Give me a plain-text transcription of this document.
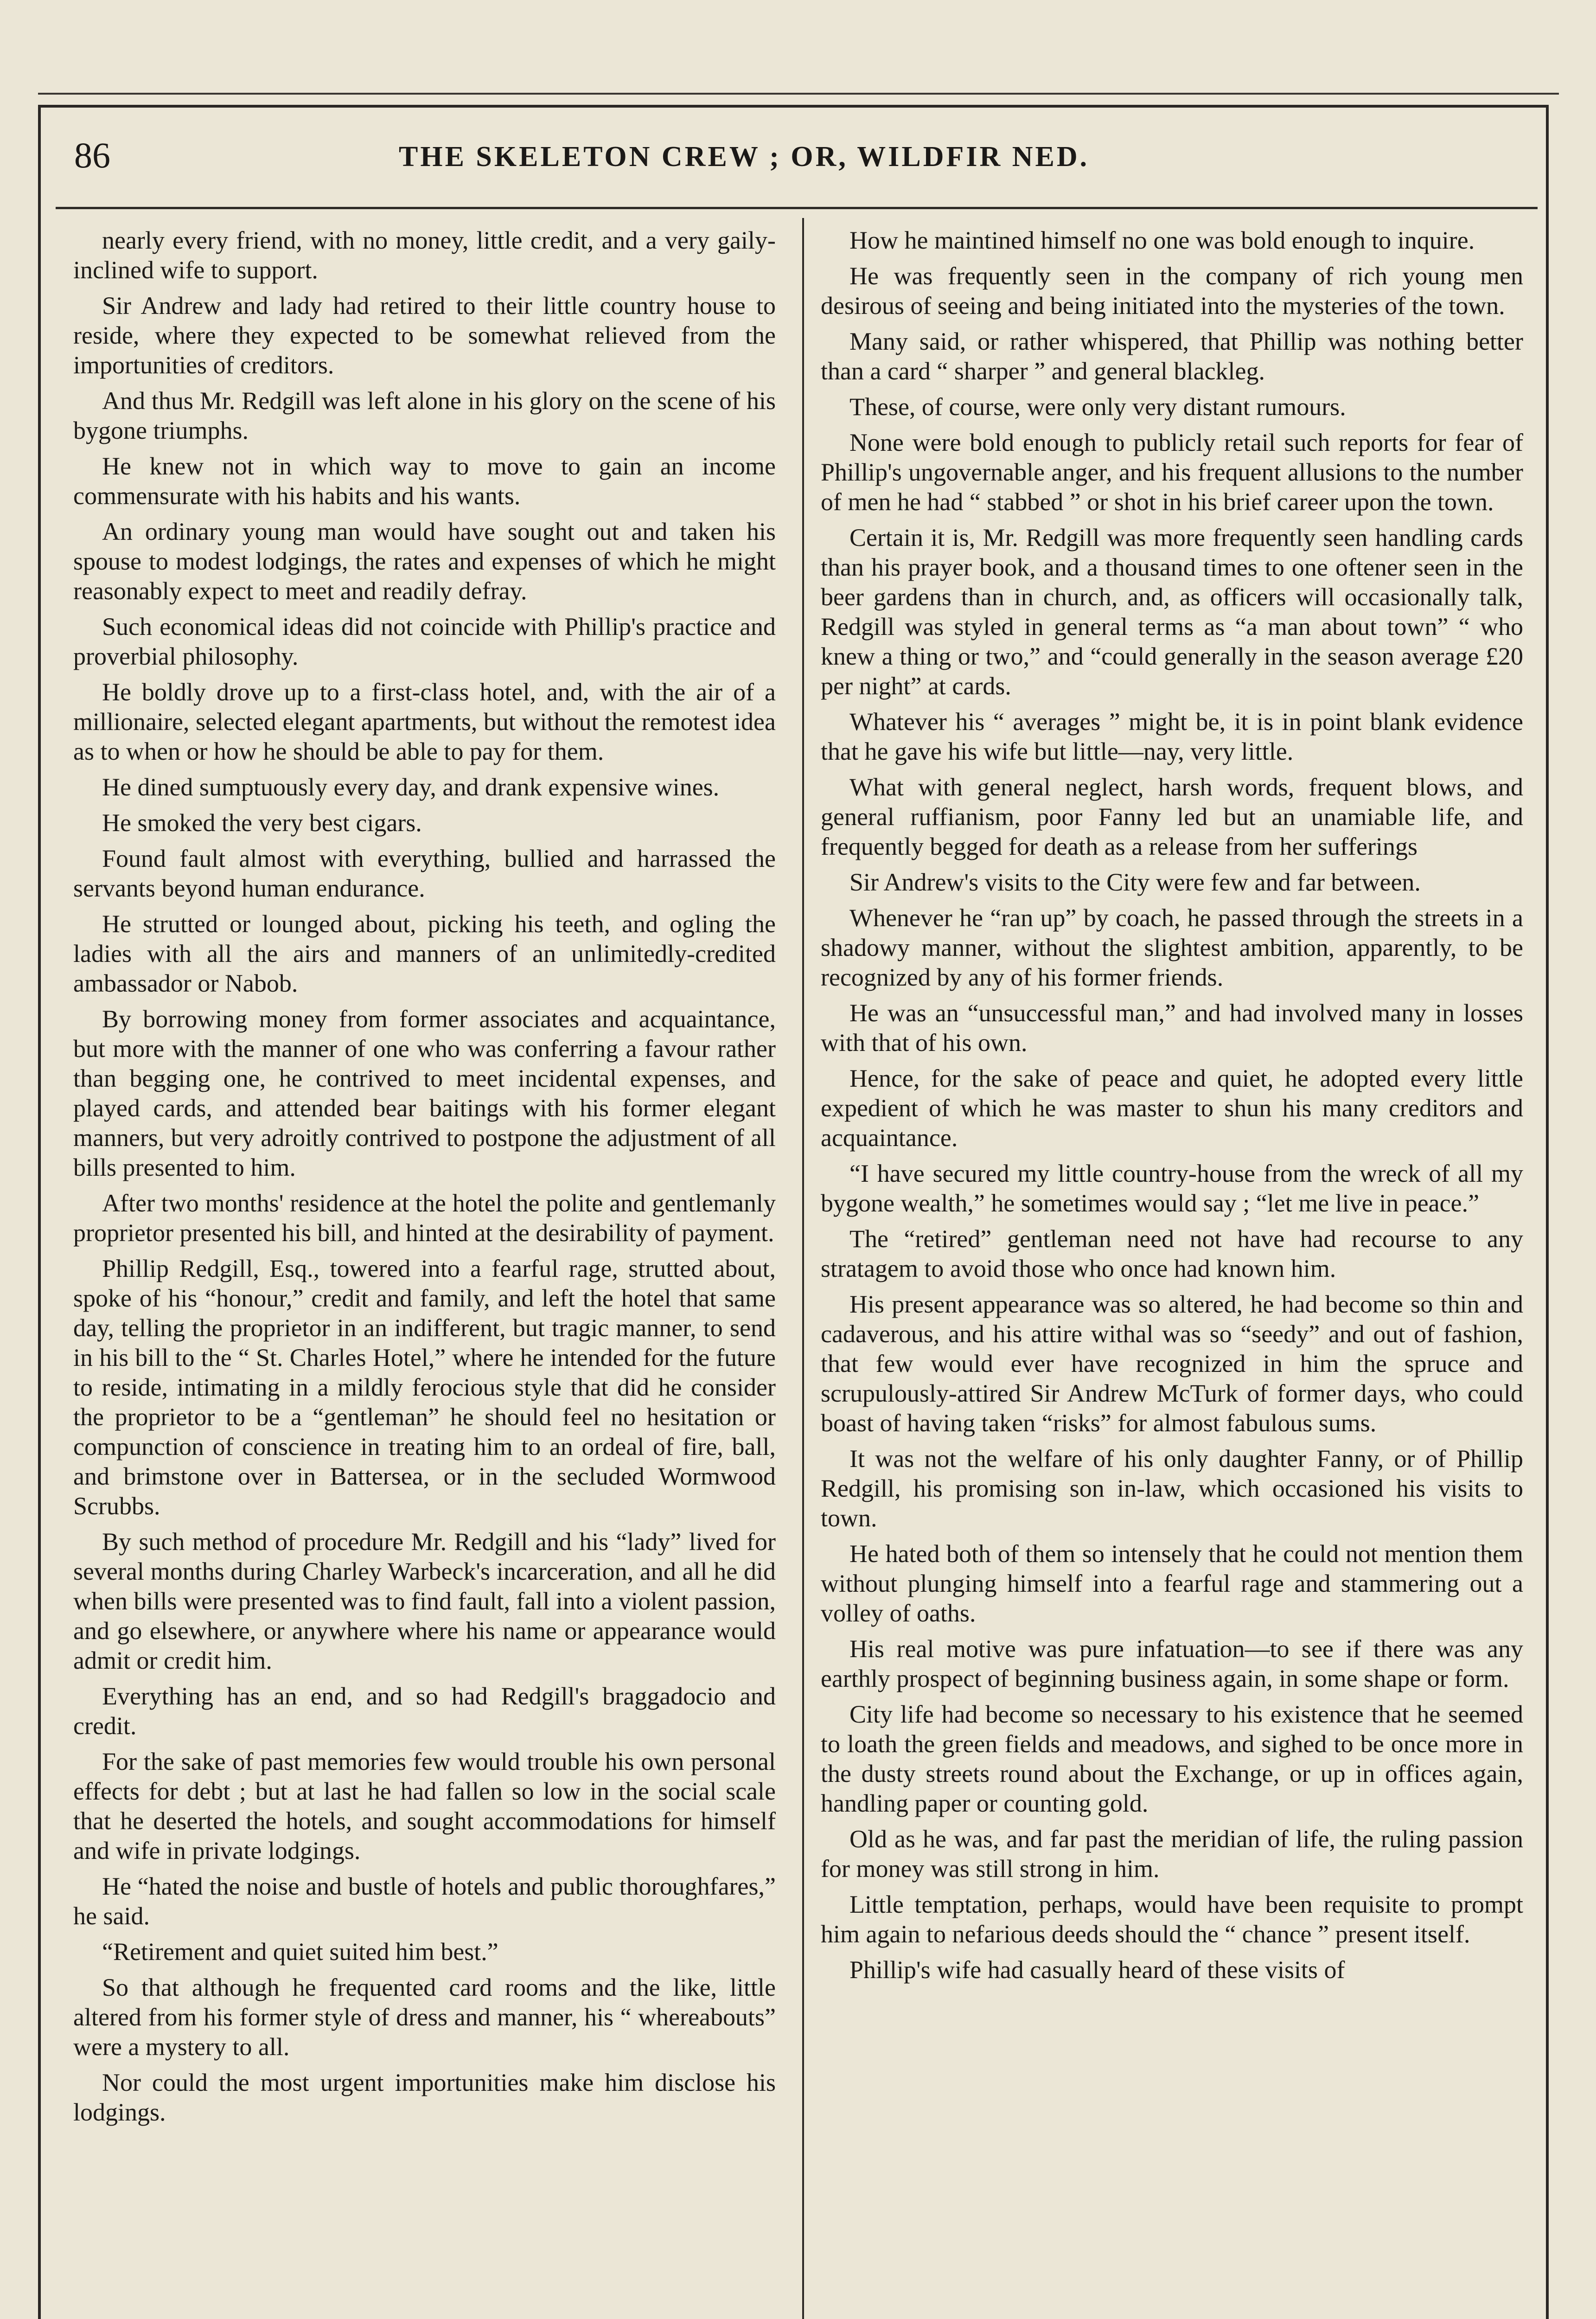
86	THE SKELETON CREW ; OR, WILDFIR NED.

nearly every friend, with no money, little credit, and a very gaily-inclined wife to support.

Sir Andrew and lady had retired to their little country house to reside, where they expected to be somewhat relieved from the importunities of creditors.

And thus Mr. Redgill was left alone in his glory on the scene of his bygone triumphs.

He knew not in which way to move to gain an income commensurate with his habits and his wants.

An ordinary young man would have sought out and taken his spouse to modest lodgings, the rates and expenses of which he might reasonably expect to meet and readily defray.

Such economical ideas did not coincide with Phillip's practice and proverbial philosophy.

He boldly drove up to a first-class hotel, and, with the air of a millionaire, selected elegant apartments, but without the remotest idea as to when or how he should be able to pay for them.

He dined sumptuously every day, and drank expensive wines.

He smoked the very best cigars.

Found fault almost with everything, bullied and harrassed the servants beyond human endurance.

He strutted or lounged about, picking his teeth, and ogling the ladies with all the airs and manners of an unlimitedly-credited ambassador or Nabob.

By borrowing money from former associates and acquaintance, but more with the manner of one who was conferring a favour rather than begging one, he contrived to meet incidental expenses, and played cards, and attended bear baitings with his former elegant manners, but very adroitly contrived to postpone the adjustment of all bills presented to him.

After two months' residence at the hotel the polite and gentlemanly proprietor presented his bill, and hinted at the desirability of payment.

Phillip Redgill, Esq., towered into a fearful rage, strutted about, spoke of his “honour,” credit and family, and left the hotel that same day, telling the proprietor in an indifferent, but tragic manner, to send in his bill to the “ St. Charles Hotel,” where he intended for the future to reside, intimating in a mildly ferocious style that did he consider the proprietor to be a “gentleman” he should feel no hesitation or compunction of conscience in treating him to an ordeal of fire, ball, and brimstone over in Battersea, or in the secluded Wormwood Scrubbs.

By such method of procedure Mr. Redgill and his “lady” lived for several months during Charley Warbeck's incarceration, and all he did when bills were presented was to find fault, fall into a violent passion, and go elsewhere, or anywhere where his name or appearance would admit or credit him.

Everything has an end, and so had Redgill's braggadocio and credit.

For the sake of past memories few would trouble his own personal effects for debt ; but at last he had fallen so low in the social scale that he deserted the hotels, and sought accommodations for himself and wife in private lodgings.

He “hated the noise and bustle of hotels and public thoroughfares,” he said.

“Retirement and quiet suited him best.”

So that although he frequented card rooms and the like, little altered from his former style of dress and manner, his “ whereabouts” were a mystery to all.

Nor could the most urgent importunities make him disclose his lodgings.

How he maintined himself no one was bold enough to inquire.

He was frequently seen in the company of rich young men desirous of seeing and being initiated into the mysteries of the town.

Many said, or rather whispered, that Phillip was nothing better than a card “ sharper ” and general blackleg.

These, of course, were only very distant rumours.

None were bold enough to publicly retail such reports for fear of Phillip's ungovernable anger, and his frequent allusions to the number of men he had “ stabbed ” or shot in his brief career upon the town.

Certain it is, Mr. Redgill was more frequently seen handling cards than his prayer book, and a thousand times to one oftener seen in the beer gardens than in church, and, as officers will occasionally talk, Redgill was styled in general terms as “a man about town” “ who knew a thing or two,” and “could generally in the season average £20 per night” at cards.

Whatever his “ averages ” might be, it is in point blank evidence that he gave his wife but little—nay, very little.

What with general neglect, harsh words, frequent blows, and general ruffianism, poor Fanny led but an unamiable life, and frequently begged for death as a release from her sufferings

Sir Andrew's visits to the City were few and far between.

Whenever he “ran up” by coach, he passed through the streets in a shadowy manner, without the slightest ambition, apparently, to be recognized by any of his former friends.

He was an “unsuccessful man,” and had involved many in losses with that of his own.

Hence, for the sake of peace and quiet, he adopted every little expedient of which he was master to shun his many creditors and acquaintance.

“I have secured my little country-house from the wreck of all my bygone wealth,” he sometimes would say ; “let me live in peace.”

The “retired” gentleman need not have had recourse to any stratagem to avoid those who once had known him.

His present appearance was so altered, he had become so thin and cadaverous, and his attire withal was so “seedy” and out of fashion, that few would ever have recognized in him the spruce and scrupulously-attired Sir Andrew McTurk of former days, who could boast of having taken “risks” for almost fabulous sums.

It was not the welfare of his only daughter Fanny, or of Phillip Redgill, his promising son in-law, which occasioned his visits to town.

He hated both of them so intensely that he could not mention them without plunging himself into a fearful rage and stammering out a volley of oaths.

His real motive was pure infatuation—to see if there was any earthly prospect of beginning business again, in some shape or form.

City life had become so necessary to his existence that he seemed to loath the green fields and meadows, and sighed to be once more in the dusty streets round about the Exchange, or up in offices again, handling paper or counting gold.

Old as he was, and far past the meridian of life, the ruling passion for money was still strong in him.

Little temptation, perhaps, would have been requisite to prompt him again to nefarious deeds should the “ chance ” present itself.

Phillip's wife had casually heard of these visits of
